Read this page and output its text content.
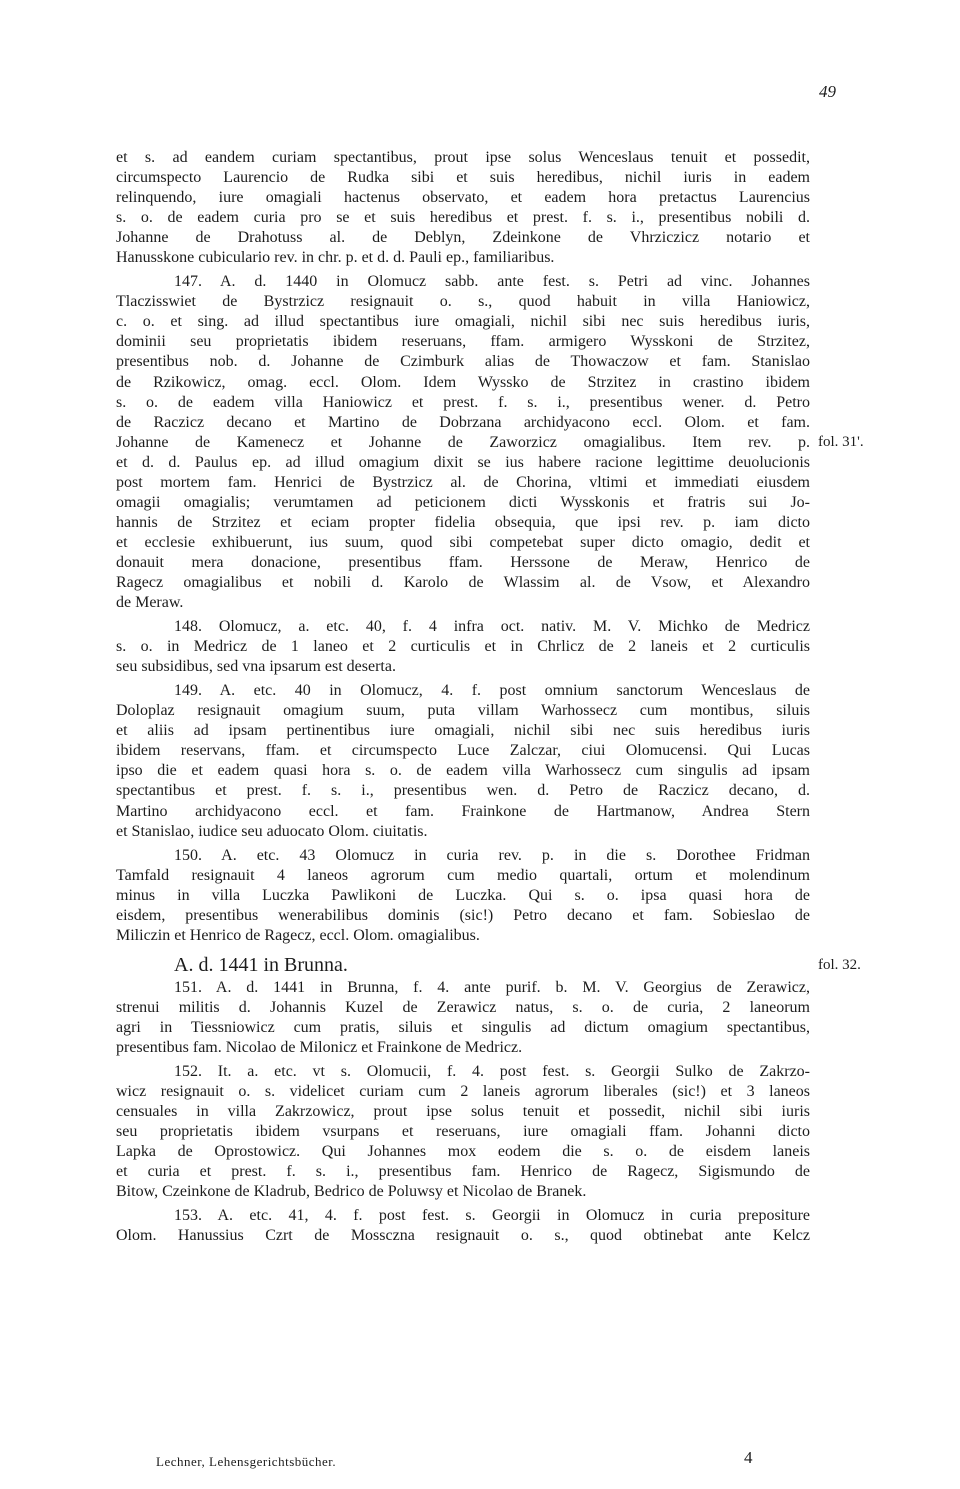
49
et s. ad eandem curiam spectantibus, prout ipse solus Wenceslaus tenuit et possedit,
circumspecto Laurencio de Rudka sibi et suis heredibus, nichil iuris in eadem
relinquendo, iure omagiali hactenus observato, et eadem hora pretactus Laurencius
s. o. de eadem curia pro se et suis heredibus et prest. f. s. i., presentibus nobili d.
Johanne de Drahotuss al. de Deblyn, Zdeinkone de Vhrziczicz notario et
Hanusskone cubiculario rev. in chr. p. et d. d. Pauli ep., familiaribus.
147. A. d. 1440 in Olomucz sabb. ante fest. s. Petri ad vinc. Johannes
Tlaczisswiet de Bystrzicz resignauit o. s., quod habuit in villa Haniowicz,
c. o. et sing. ad illud spectantibus iure omagiali, nichil sibi nec suis heredibus iuris,
dominii seu proprietatis ibidem reseruans, ffam. armigero Wysskoni de Strzitez,
presentibus nob. d. Johanne de Czimburk alias de Thowaczow et fam. Stanislao
de Rzikowicz, omag. eccl. Olom. Idem Wyssko de Strzitez in crastino ibidem
s. o. de eadem villa Haniowicz et prest. f. s. i., presentibus wener. d. Petro
de Raczicz decano et Martino de Dobrzana archidyacono eccl. Olom. et fam.
Johanne de Kamenecz et Johanne de Zaworzicz omagialibus. Item rev. p.
et d. d. Paulus ep. ad illud omagium dixit se ius habere racione legittime deuolucionis
post mortem fam. Henrici de Bystrzicz al. de Chorina, vltimi et immediati eiusdem
omagii omagialis; verumtamen ad peticionem dicti Wysskonis et fratris sui Jo-
hannis de Strzitez et eciam propter fidelia obsequia, que ipsi rev. p. iam dicto
et ecclesie exhibuerunt, ius suum, quod sibi competebat super dicto omagio, dedit et
donauit mera donacione, presentibus ffam. Herssone de Meraw, Henrico de
Ragecz omagialibus et nobili d. Karolo de Wlassim al. de Vsow, et Alexandro
de Meraw.
148. Olomucz, a. etc. 40, f. 4 infra oct. nativ. M. V. Michko de Medricz
s. o. in Medricz de 1 laneo et 2 curticulis et in Chrlicz de 2 laneis et 2 curticulis
seu subsidibus, sed vna ipsarum est deserta.
149. A. etc. 40 in Olomucz, 4. f. post omnium sanctorum Wenceslaus de
Doloplaz resignauit omagium suum, puta villam Warhossecz cum montibus, siluis
et aliis ad ipsam pertinentibus iure omagiali, nichil sibi nec suis heredibus iuris
ibidem reservans, ffam. et circumspecto Luce Zalczar, ciui Olomucensi. Qui Lucas
ipso die et eadem quasi hora s. o. de eadem villa Warhossecz cum singulis ad ipsam
spectantibus et prest. f. s. i., presentibus wen. d. Petro de Raczicz decano, d.
Martino archidyacono eccl. et fam. Frainkone de Hartmanow, Andrea Stern
et Stanislao, iudice seu aduocato Olom. ciuitatis.
150. A. etc. 43 Olomucz in curia rev. p. in die s. Dorothee Fridman
Tamfald resignauit 4 laneos agrorum cum medio quartali, ortum et molendinum
minus in villa Luczka Pawlikoni de Luczka. Qui s. o. ipsa quasi hora de
eisdem, presentibus wenerabilibus dominis (sic!) Petro decano et fam. Sobieslao de
Miliczin et Henrico de Ragecz, eccl. Olom. omagialibus.
A. d. 1441 in Brunna.
151. A. d. 1441 in Brunna, f. 4. ante purif. b. M. V. Georgius de Zerawicz,
strenui militis d. Johannis Kuzel de Zerawicz natus, s. o. de curia, 2 laneorum
agri in Tiessniowicz cum pratis, siluis et singulis ad dictum omagium spectantibus,
presentibus fam. Nicolao de Milonicz et Frainkone de Medricz.
152. It. a. etc. vt s. Olomucii, f. 4. post fest. s. Georgii Sulko de Zakrzo-
wicz resignauit o. s. videlicet curiam cum 2 laneis agrorum liberales (sic!) et 3 laneos
censuales in villa Zakrzowicz, prout ipse solus tenuit et possedit, nichil sibi iuris
seu proprietatis ibidem vsurpans et reseruans, iure omagiali ffam. Johanni dicto
Lapka de Oprostowicz. Qui Johannes mox eodem die s. o. de eisdem laneis
et curia et prest. f. s. i., presentibus fam. Henrico de Ragecz, Sigismundo de
Bitow, Czeinkone de Kladrub, Bedrico de Poluwsy et Nicolao de Branek.
153. A. etc. 41, 4. f. post fest. s. Georgii in Olomucz in curia prepositure
Olom. Hanussius Czrt de Mossczna resignauit o. s., quod obtinebat ante Kelcz
fol. 31'.
fol. 32.
Lechner, Lehensgerichtsbücher.	4
